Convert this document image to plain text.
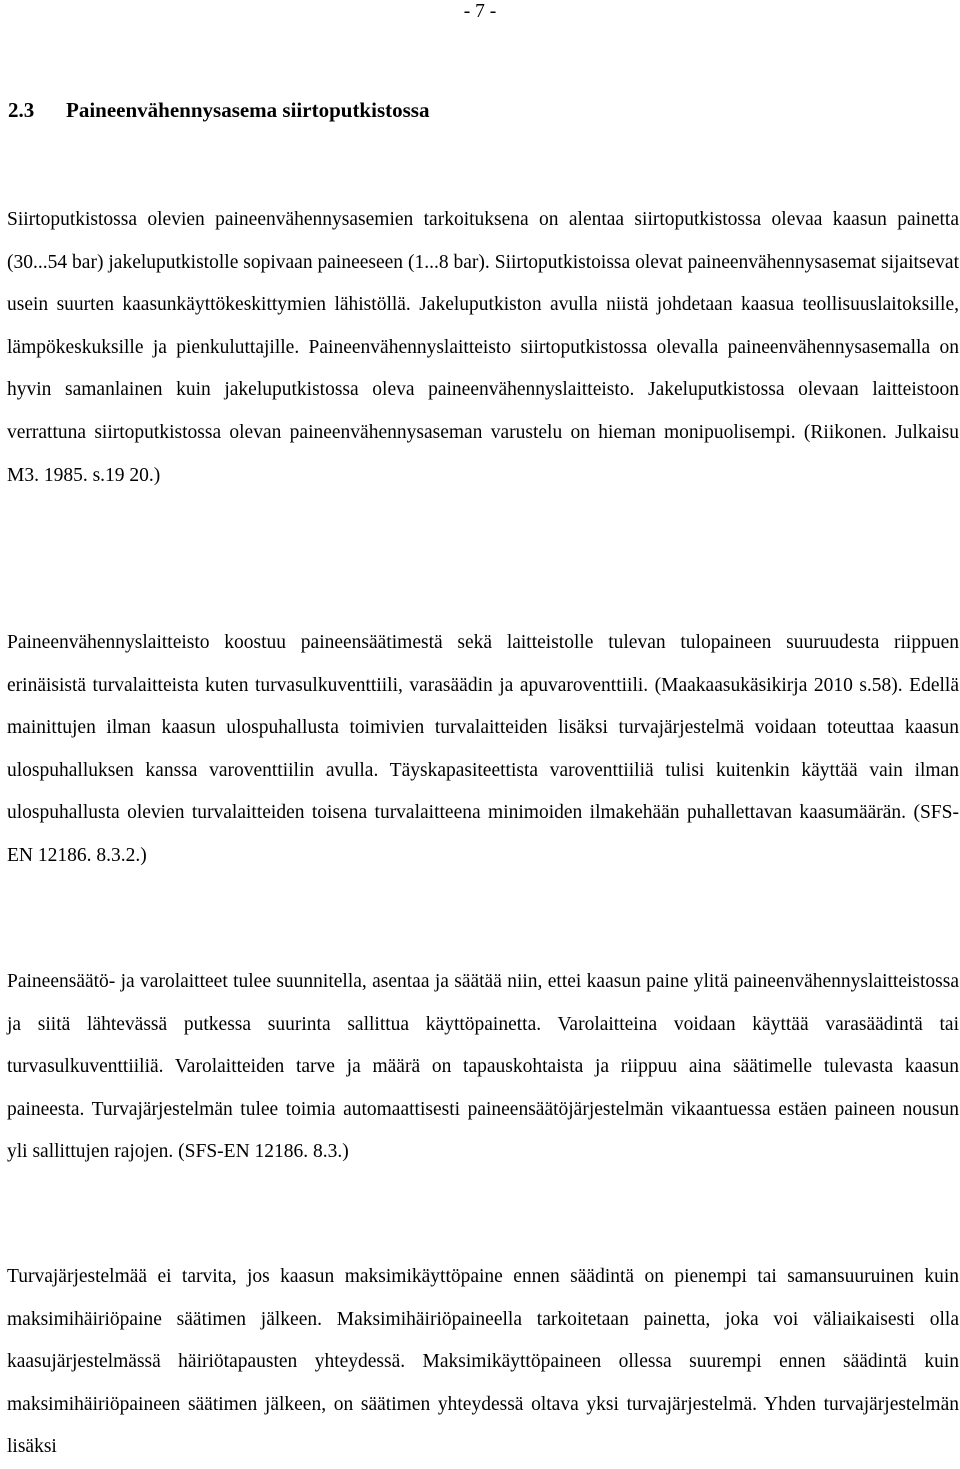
- 7 -
2.3 Paineenvähennysasema siirtoputkistossa

Siirtoputkistossa olevien paineenvähennysasemien tarkoituksena on alentaa siirtoputkistossa olevaa kaasun painetta (30...54 bar) jakeluputkistolle sopivaan paineeseen (1...8 bar). Siirtoputkistoissa olevat paineenvähennysasemat sijaitsevat usein suurten kaasunkäyttökeskittymien lähistöllä. Jakeluputkiston avulla niistä johdetaan kaasua teollisuuslaitoksille, lämpökeskuksille ja pienkuluttajille. Paineenvähennyslaitteisto siirtoputkistossa olevalla paineenvähennysasemalla on hyvin samanlainen kuin jakeluputkistossa oleva paineenvähennyslaitteisto. Jakeluputkistossa olevaan laitteistoon verrattuna siirtoputkistossa olevan paineenvähennysaseman varustelu on hieman monipuolisempi. (Riikonen. Julkaisu M3. 1985. s.19 20.)

Paineenvähennyslaitteisto koostuu paineensäätimestä sekä laitteistolle tulevan tulopaineen suuruudesta riippuen erinäisistä turvalaitteista kuten turvasulkuventtiili, varasäädin ja apuvaroventtiili. (Maakaasukäsikirja 2010 s.58). Edellä mainittujen ilman kaasun ulospuhallusta toimivien turvalaitteiden lisäksi turvajärjestelmä voidaan toteuttaa kaasun ulospuhalluksen kanssa varoventtiilin avulla. Täyskapasiteettista varoventtiiliä tulisi kuitenkin käyttää vain ilman ulospuhallusta olevien turvalaitteiden toisena turvalaitteena minimoiden ilmakehään puhallettavan kaasumäärän. (SFS-EN 12186. 8.3.2.)

Paineensäätö- ja varolaitteet tulee suunnitella, asentaa ja säätää niin, ettei kaasun paine ylitä paineenvähennyslaitteistossa ja siitä lähtevässä putkessa suurinta sallittua käyttöpainetta. Varolaitteina voidaan käyttää varasäädintä tai turvasulkuventtiiliä. Varolaitteiden tarve ja määrä on tapauskohtaista ja riippuu aina säätimelle tulevasta kaasun paineesta. Turvajärjestelmän tulee toimia automaattisesti paineensäätöjärjestelmän vikaantuessa estäen paineen nousun yli sallittujen rajojen. (SFS-EN 12186. 8.3.)

Turvajärjestelmää ei tarvita, jos kaasun maksimikäyttöpaine ennen säädintä on pienempi tai samansuuruinen kuin maksimihäiriöpaine säätimen jälkeen. Maksimihäiriöpaineella tarkoitetaan painetta, joka voi väliaikaisesti olla kaasujärjestelmässä häiriötapausten yhteydessä. Maksimikäyttöpaineen ollessa suurempi ennen säädintä kuin maksimihäiriöpaineen säätimen jälkeen, on säätimen yhteydessä oltava yksi turvajärjestelmä. Yhden turvajärjestelmän lisäksi
